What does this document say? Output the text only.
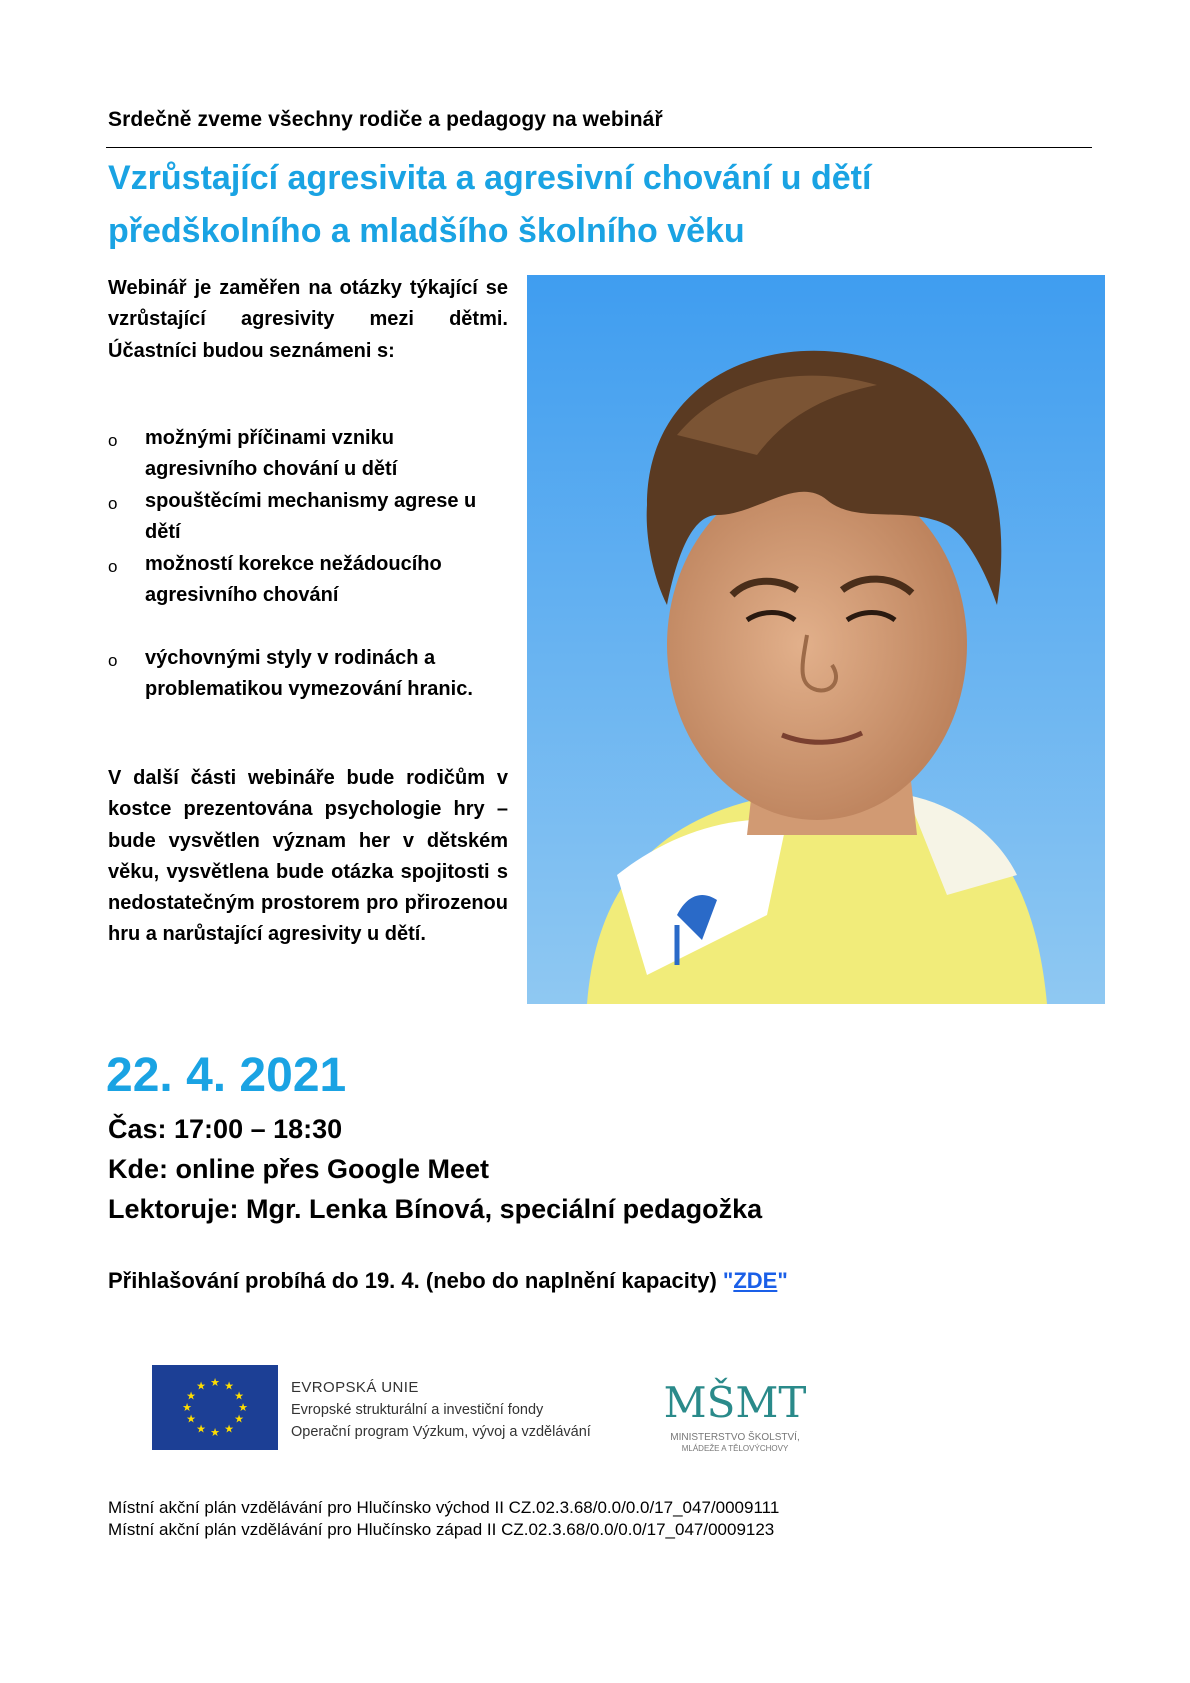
Srdečně zveme všechny rodiče a pedagogy na webinář
Vzrůstající agresivita a agresivní chování u dětí
předškolního a mladšího školního věku
Webinář je zaměřen na otázky týkající se vzrůstající agresivity mezi dětmi. Účastníci budou seznámeni s:
o možnými příčinami vzniku agresivního chování u dětí
o spouštěcími mechanismy agrese u dětí
o možností korekce nežádoucího agresivního chování
o výchovnými styly v rodinách a problematikou vymezování hranic.
V další části webináře bude rodičům v kostce prezentována psychologie hry – bude vysvětlen význam her v dětském věku, vysvětlena bude otázka spojitosti s nedostatečným prostorem pro přirozenou hru a narůstající agresivity u dětí.
22. 4. 2021
Čas: 17:00 – 18:30
Kde: online přes Google Meet
Lektoruje: Mgr. Lenka Bínová, speciální pedagožka
Přihlašování probíhá do 19. 4. (nebo do naplnění kapacity) "ZDE"
★ ★
★
★
★
★
★
★
★
★
★
★	EVROPSKÁ UNIE
Evropské strukturální a investiční fondy
Operační program Výzkum, vývoj a vzdělávání
MŠMT
MINISTERSTVO ŠKOLSTVÍ,
MLÁDEŽE A TĚLOVÝCHOVY
Místní akční plán vzdělávání pro Hlučínsko východ II CZ.02.3.68/0.0/0.0/17_047/0009111
Místní akční plán vzdělávání pro Hlučínsko západ II CZ.02.3.68/0.0/0.0/17_047/0009123
